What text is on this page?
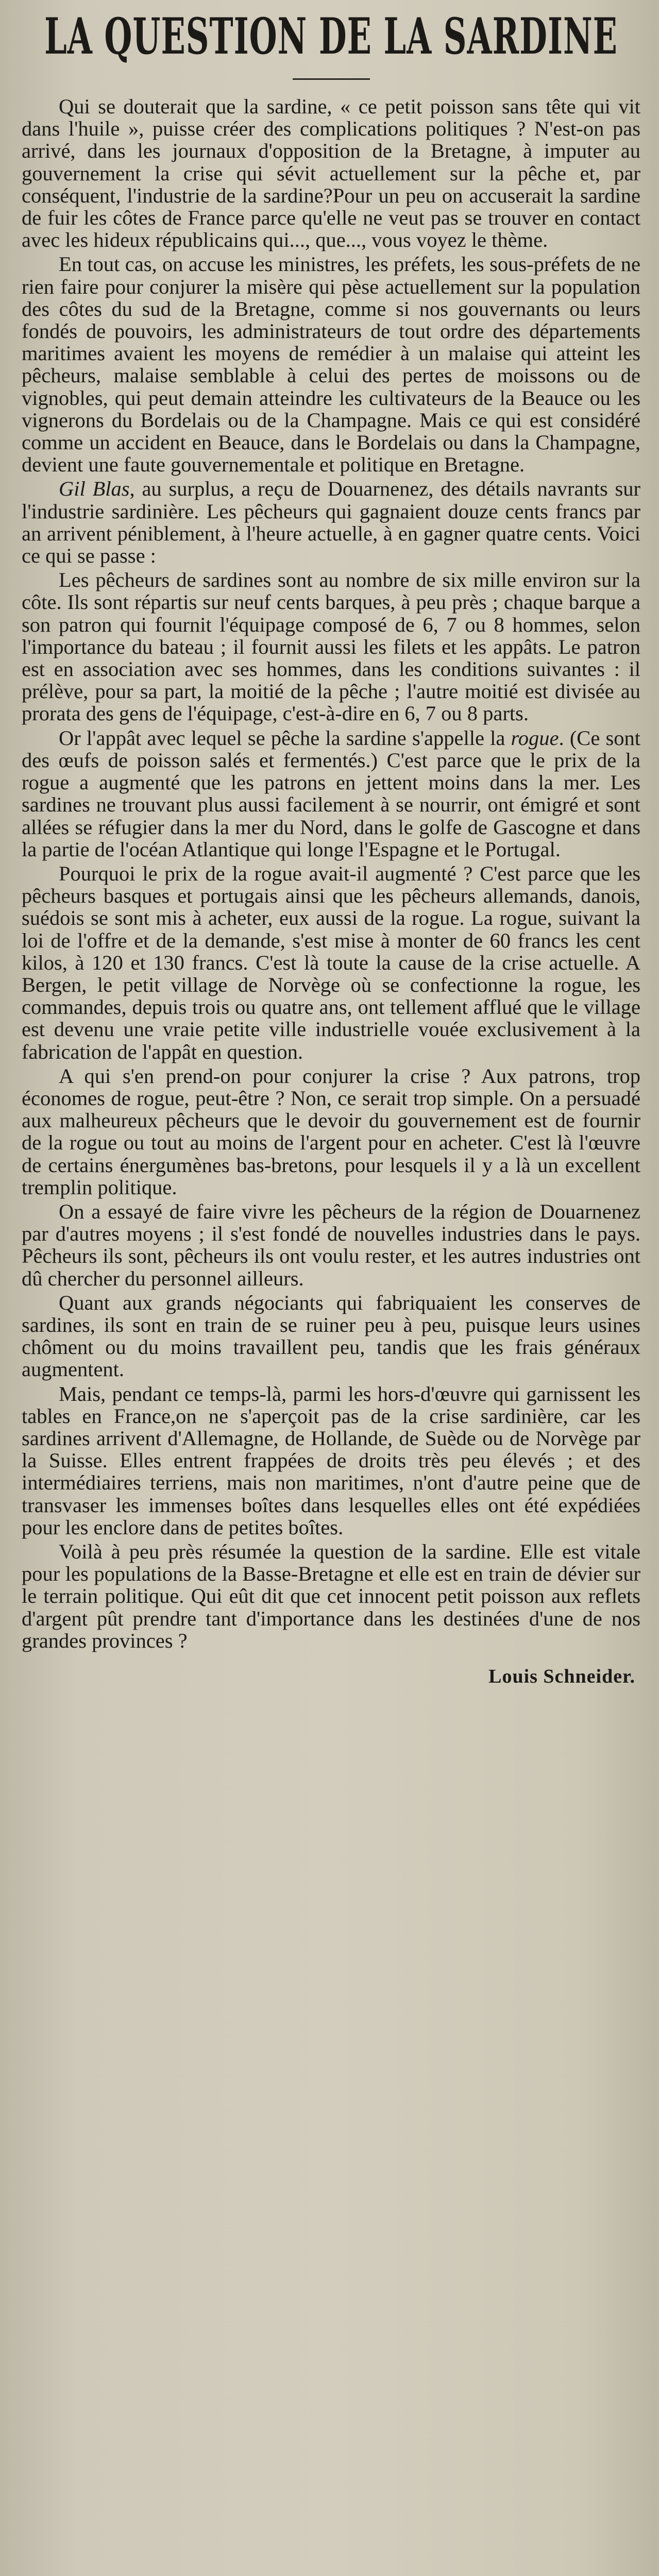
LA QUESTION DE LA SARDINE

Qui se douterait que la sardine, « ce petit poisson sans tête qui vit dans l'huile », puisse créer des complications politiques ? N'est-on pas arrivé, dans les journaux d'opposition de la Bretagne, à imputer au gouvernement la crise qui sévit actuellement sur la pêche et, par conséquent, l'industrie de la sardine?Pour un peu on accuserait la sardine de fuir les côtes de France parce qu'elle ne veut pas se trouver en contact avec les hideux républicains qui..., que..., vous voyez le thème.

En tout cas, on accuse les ministres, les préfets, les sous-préfets de ne rien faire pour conjurer la misère qui pèse actuellement sur la population des côtes du sud de la Bretagne, comme si nos gouvernants ou leurs fondés de pouvoirs, les administrateurs de tout ordre des départements maritimes avaient les moyens de remédier à un malaise qui atteint les pêcheurs, malaise semblable à celui des pertes de moissons ou de vignobles, qui peut demain atteindre les cultivateurs de la Beauce ou les vignerons du Bordelais ou de la Champagne. Mais ce qui est considéré comme un accident en Beauce, dans le Bordelais ou dans la Champagne, devient une faute gouvernementale et politique en Bretagne.

Gil Blas, au surplus, a reçu de Douarnenez, des détails navrants sur l'industrie sardinière. Les pêcheurs qui gagnaient douze cents francs par an arrivent péniblement, à l'heure actuelle, à en gagner quatre cents. Voici ce qui se passe :

Les pêcheurs de sardines sont au nombre de six mille environ sur la côte. Ils sont répartis sur neuf cents barques, à peu près ; chaque barque a son patron qui fournit l'équipage composé de 6, 7 ou 8 hommes, selon l'importance du bateau ; il fournit aussi les filets et les appâts. Le patron est en association avec ses hommes, dans les conditions suivantes : il prélève, pour sa part, la moitié de la pêche ; l'autre moitié est divisée au prorata des gens de l'équipage, c'est-à-dire en 6, 7 ou 8 parts.

Or l'appât avec lequel se pêche la sardine s'appelle la rogue. (Ce sont des œufs de poisson salés et fermentés.) C'est parce que le prix de la rogue a augmenté que les patrons en jettent moins dans la mer. Les sardines ne trouvant plus aussi facilement à se nourrir, ont émigré et sont allées se réfugier dans la mer du Nord, dans le golfe de Gascogne et dans la partie de l'océan Atlantique qui longe l'Espagne et le Portugal.

Pourquoi le prix de la rogue avait-il augmenté ? C'est parce que les pêcheurs basques et portugais ainsi que les pêcheurs allemands, danois, suédois se sont mis à acheter, eux aussi de la rogue. La rogue, suivant la loi de l'offre et de la demande, s'est mise à monter de 60 francs les cent kilos, à 120 et 130 francs. C'est là toute la cause de la crise actuelle. A Bergen, le petit village de Norvège où se confectionne la rogue, les commandes, depuis trois ou quatre ans, ont tellement afflué que le village est devenu une vraie petite ville industrielle vouée exclusivement à la fabrication de l'appât en question.

A qui s'en prend-on pour conjurer la crise ? Aux patrons, trop économes de rogue, peut-être ? Non, ce serait trop simple. On a persuadé aux malheureux pêcheurs que le devoir du gouvernement est de fournir de la rogue ou tout au moins de l'argent pour en acheter. C'est là l'œuvre de certains énergumènes bas-bretons, pour lesquels il y a là un excellent tremplin politique.

On a essayé de faire vivre les pêcheurs de la région de Douarnenez par d'autres moyens ; il s'est fondé de nouvelles industries dans le pays. Pêcheurs ils sont, pêcheurs ils ont voulu rester, et les autres industries ont dû chercher du personnel ailleurs.

Quant aux grands négociants qui fabriquaient les conserves de sardines, ils sont en train de se ruiner peu à peu, puisque leurs usines chôment ou du moins travaillent peu, tandis que les frais généraux augmentent.

Mais, pendant ce temps-là, parmi les hors-d'œuvre qui garnissent les tables en France,on ne s'aperçoit pas de la crise sardinière, car les sardines arrivent d'Allemagne, de Hollande, de Suède ou de Norvège par la Suisse. Elles entrent frappées de droits très peu élevés ; et des intermédiaires terriens, mais non maritimes, n'ont d'autre peine que de transvaser les immenses boîtes dans lesquelles elles ont été expédiées pour les enclore dans de petites boîtes.

Voilà à peu près résumée la question de la sardine. Elle est vitale pour les populations de la Basse-Bretagne et elle est en train de dévier sur le terrain politique. Qui eût dit que cet innocent petit poisson aux reflets d'argent pût prendre tant d'importance dans les destinées d'une de nos grandes provinces ?

Louis Schneider.
